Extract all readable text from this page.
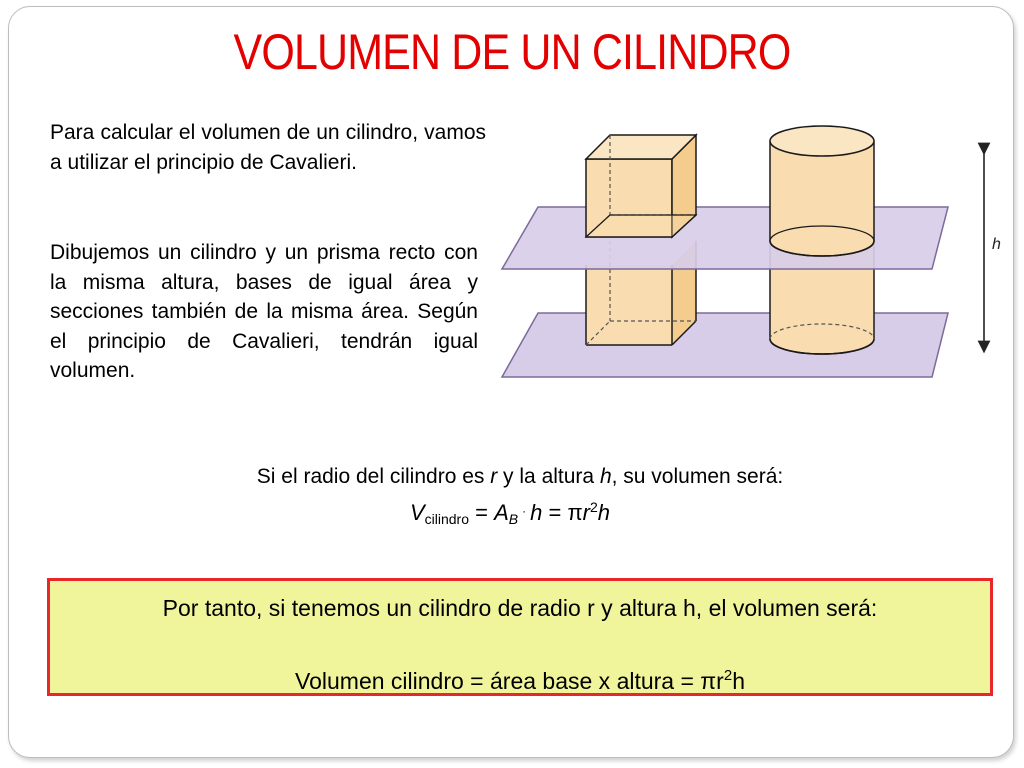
VOLUMEN DE UN CILINDRO

Para calcular el volumen de un cilindro, vamos a utilizar el principio de Cavalieri.

Dibujemos un cilindro y un prisma recto con la misma altura, bases de igual área y secciones también de la misma área. Según el principio de Cavalieri, tendrán igual volumen.

h

Si el radio del cilindro es r y la altura h, su volumen será:

$V_{cilindro}$ = AB · $h = \pi r^2h$
Por tanto, si tenemos un cilindro de radio r y altura h, el volumen será:
Volumen cilindro = área base x altura = $\pi r^2h$
